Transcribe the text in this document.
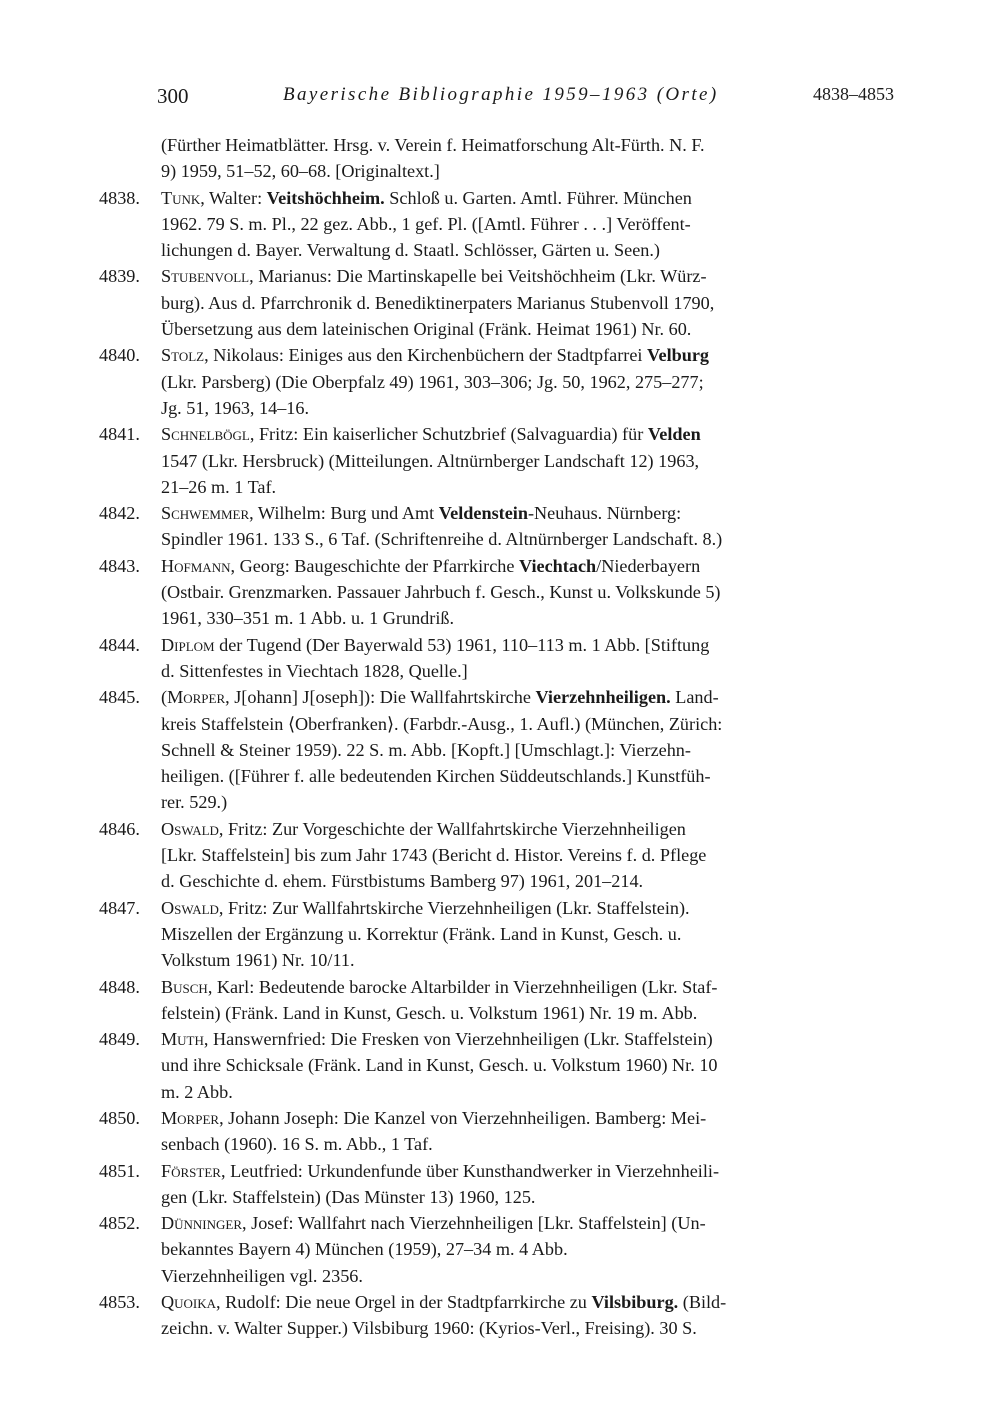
300	Bayerische Bibliographie 1959–1963 (Orte)	4838–4853
(Fürther Heimatblätter. Hrsg. v. Verein f. Heimatforschung Alt-Fürth. N. F.
9) 1959, 51–52, 60–68. [Originaltext.]
4838. Tunk, Walter: Veitshöchheim. Schloß u. Garten. Amtl. Führer. München
1962. 79 S. m. Pl., 22 gez. Abb., 1 gef. Pl. ([Amtl. Führer . . .] Veröffent-
lichungen d. Bayer. Verwaltung d. Staatl. Schlösser, Gärten u. Seen.)
4839. Stubenvoll, Marianus: Die Martinskapelle bei Veitshöchheim (Lkr. Würz-
burg). Aus d. Pfarrchronik d. Benediktinerpaters Marianus Stubenvoll 1790,
Übersetzung aus dem lateinischen Original (Fränk. Heimat 1961) Nr. 60.
4840. Stolz, Nikolaus: Einiges aus den Kirchenbüchern der Stadtpfarrei Velburg
(Lkr. Parsberg) (Die Oberpfalz 49) 1961, 303–306; Jg. 50, 1962, 275–277;
Jg. 51, 1963, 14–16.
4841. Schnelbögl, Fritz: Ein kaiserlicher Schutzbrief (Salvaguardia) für Velden
1547 (Lkr. Hersbruck) (Mitteilungen. Altnürnberger Landschaft 12) 1963,
21–26 m. 1 Taf.
4842. Schwemmer, Wilhelm: Burg und Amt Veldenstein-Neuhaus. Nürnberg:
Spindler 1961. 133 S., 6 Taf. (Schriftenreihe d. Altnürnberger Landschaft. 8.)
4843. Hofmann, Georg: Baugeschichte der Pfarrkirche Viechtach/Niederbayern
(Ostbair. Grenzmarken. Passauer Jahrbuch f. Gesch., Kunst u. Volkskunde 5)
1961, 330–351 m. 1 Abb. u. 1 Grundriß.
4844. Diplom der Tugend (Der Bayerwald 53) 1961, 110–113 m. 1 Abb. [Stiftung
d. Sittenfestes in Viechtach 1828, Quelle.]
4845. (Morper, J[ohann] J[oseph]): Die Wallfahrtskirche Vierzehnheiligen. Land-
kreis Staffelstein ⟨Oberfranken⟩. (Farbdr.-Ausg., 1. Aufl.) (München, Zürich:
Schnell & Steiner 1959). 22 S. m. Abb. [Kopft.] [Umschlagt.]: Vierzehn-
heiligen. ([Führer f. alle bedeutenden Kirchen Süddeutschlands.] Kunstfüh-
rer. 529.)
4846. Oswald, Fritz: Zur Vorgeschichte der Wallfahrtskirche Vierzehnheiligen
[Lkr. Staffelstein] bis zum Jahr 1743 (Bericht d. Histor. Vereins f. d. Pflege
d. Geschichte d. ehem. Fürstbistums Bamberg 97) 1961, 201–214.
4847. Oswald, Fritz: Zur Wallfahrtskirche Vierzehnheiligen (Lkr. Staffelstein).
Miszellen der Ergänzung u. Korrektur (Fränk. Land in Kunst, Gesch. u.
Volkstum 1961) Nr. 10/11.
4848. Busch, Karl: Bedeutende barocke Altarbilder in Vierzehnheiligen (Lkr. Staf-
felstein) (Fränk. Land in Kunst, Gesch. u. Volkstum 1961) Nr. 19 m. Abb.
4849. Muth, Hanswernfried: Die Fresken von Vierzehnheiligen (Lkr. Staffelstein)
und ihre Schicksale (Fränk. Land in Kunst, Gesch. u. Volkstum 1960) Nr. 10
m. 2 Abb.
4850. Morper, Johann Joseph: Die Kanzel von Vierzehnheiligen. Bamberg: Mei-
senbach (1960). 16 S. m. Abb., 1 Taf.
4851. Förster, Leutfried: Urkundenfunde über Kunsthandwerker in Vierzehnheili-
gen (Lkr. Staffelstein) (Das Münster 13) 1960, 125.
4852. Dünninger, Josef: Wallfahrt nach Vierzehnheiligen [Lkr. Staffelstein] (Un-
bekanntes Bayern 4) München (1959), 27–34 m. 4 Abb.
Vierzehnheiligen vgl. 2356.
4853. Quoika, Rudolf: Die neue Orgel in der Stadtpfarrkirche zu Vilsbiburg. (Bild-
zeichn. v. Walter Supper.) Vilsbiburg 1960: (Kyrios-Verl., Freising). 30 S.
